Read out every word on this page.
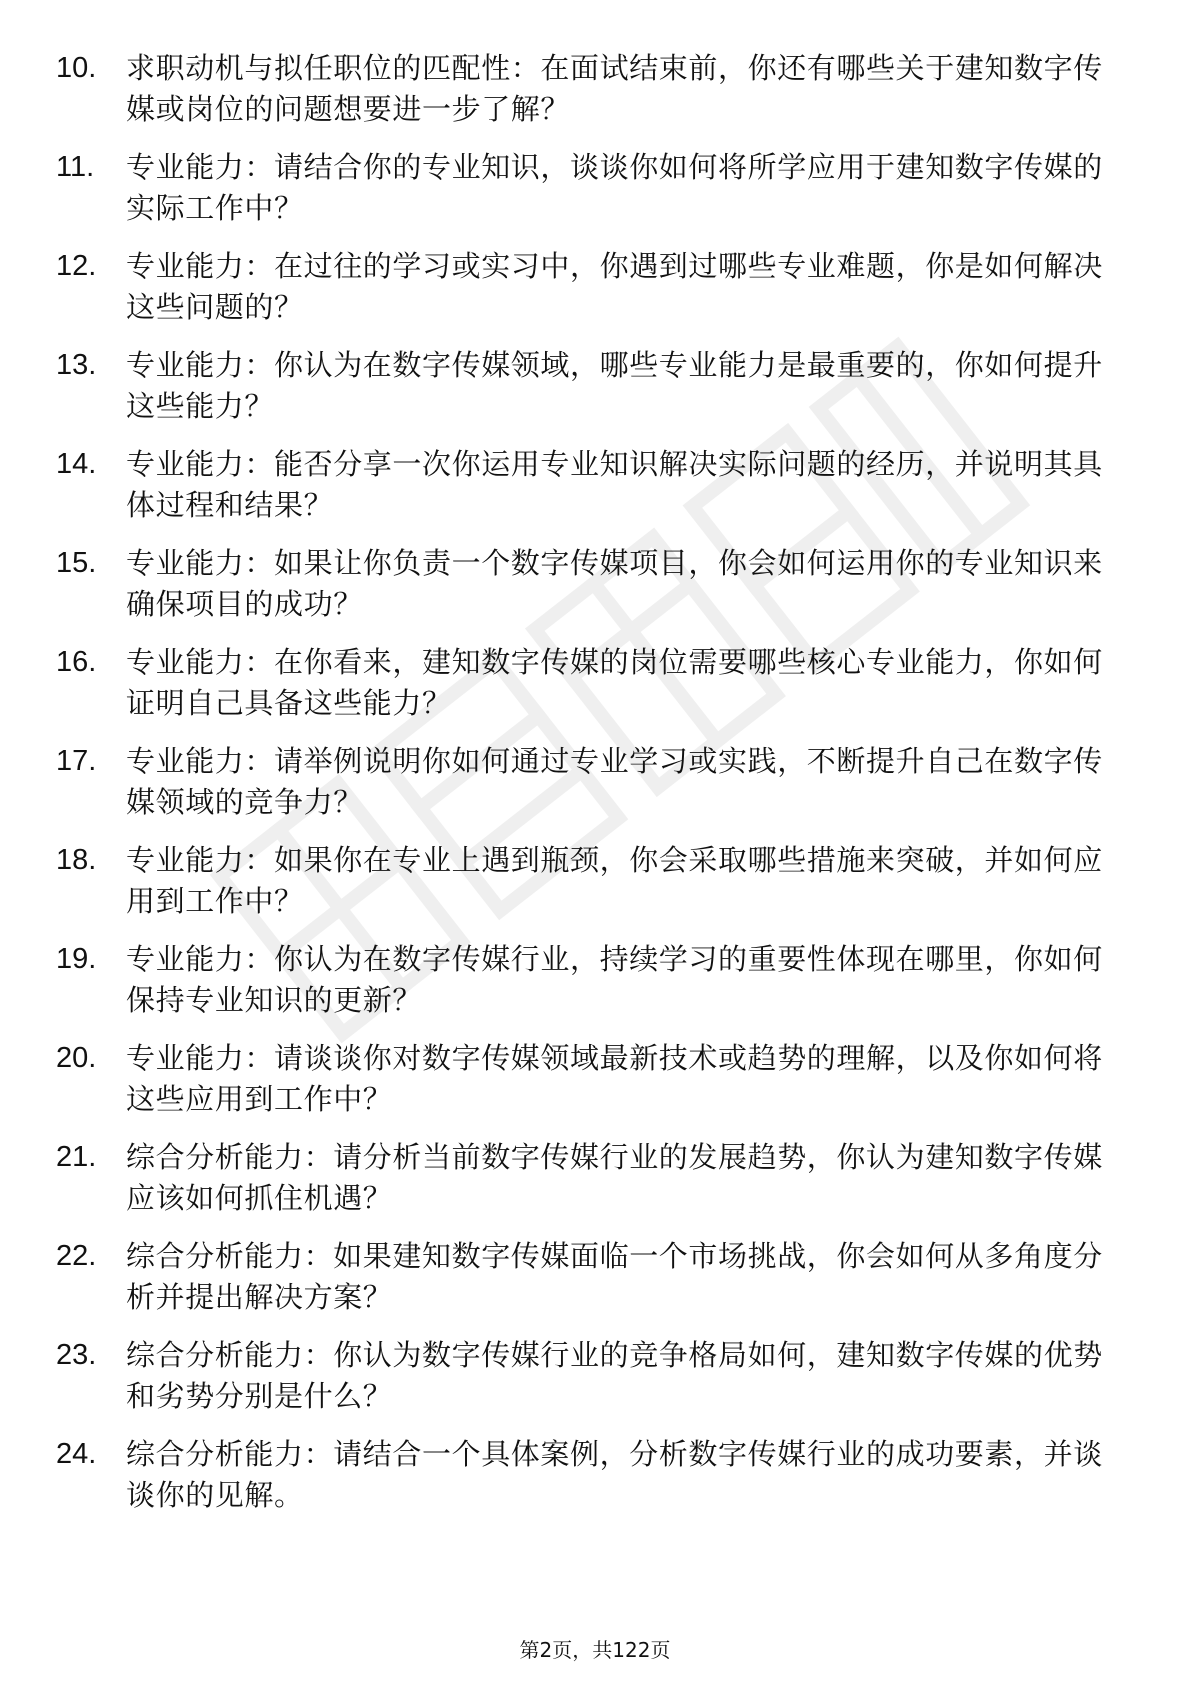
10.	求职动机与拟任职位的匹配性：在面试结束前，你还有哪些关于建知数字传媒或岗位的问题想要进一步了解？
11.	专业能力：请结合你的专业知识，谈谈你如何将所学应用于建知数字传媒的实际工作中？
12.	专业能力：在过往的学习或实习中，你遇到过哪些专业难题，你是如何解决这些问题的？
13.	专业能力：你认为在数字传媒领域，哪些专业能力是最重要的，你如何提升这些能力？
14.	专业能力：能否分享一次你运用专业知识解决实际问题的经历，并说明其具体过程和结果？
15.	专业能力：如果让你负责一个数字传媒项目，你会如何运用你的专业知识来确保项目的成功？
16.	专业能力：在你看来，建知数字传媒的岗位需要哪些核心专业能力，你如何证明自己具备这些能力？
17.	专业能力：请举例说明你如何通过专业学习或实践，不断提升自己在数字传媒领域的竞争力？
18.	专业能力：如果你在专业上遇到瓶颈，你会采取哪些措施来突破，并如何应用到工作中？
19.	专业能力：你认为在数字传媒行业，持续学习的重要性体现在哪里，你如何保持专业知识的更新？
20.	专业能力：请谈谈你对数字传媒领域最新技术或趋势的理解，以及你如何将这些应用到工作中？
21.	综合分析能力：请分析当前数字传媒行业的发展趋势，你认为建知数字传媒应该如何抓住机遇？
22.	综合分析能力：如果建知数字传媒面临一个市场挑战，你会如何从多角度分析并提出解决方案？
23.	综合分析能力：你认为数字传媒行业的竞争格局如何，建知数字传媒的优势和劣势分别是什么？
24.	综合分析能力：请结合一个具体案例，分析数字传媒行业的成功要素，并谈谈你的见解。
第2页，共122页
